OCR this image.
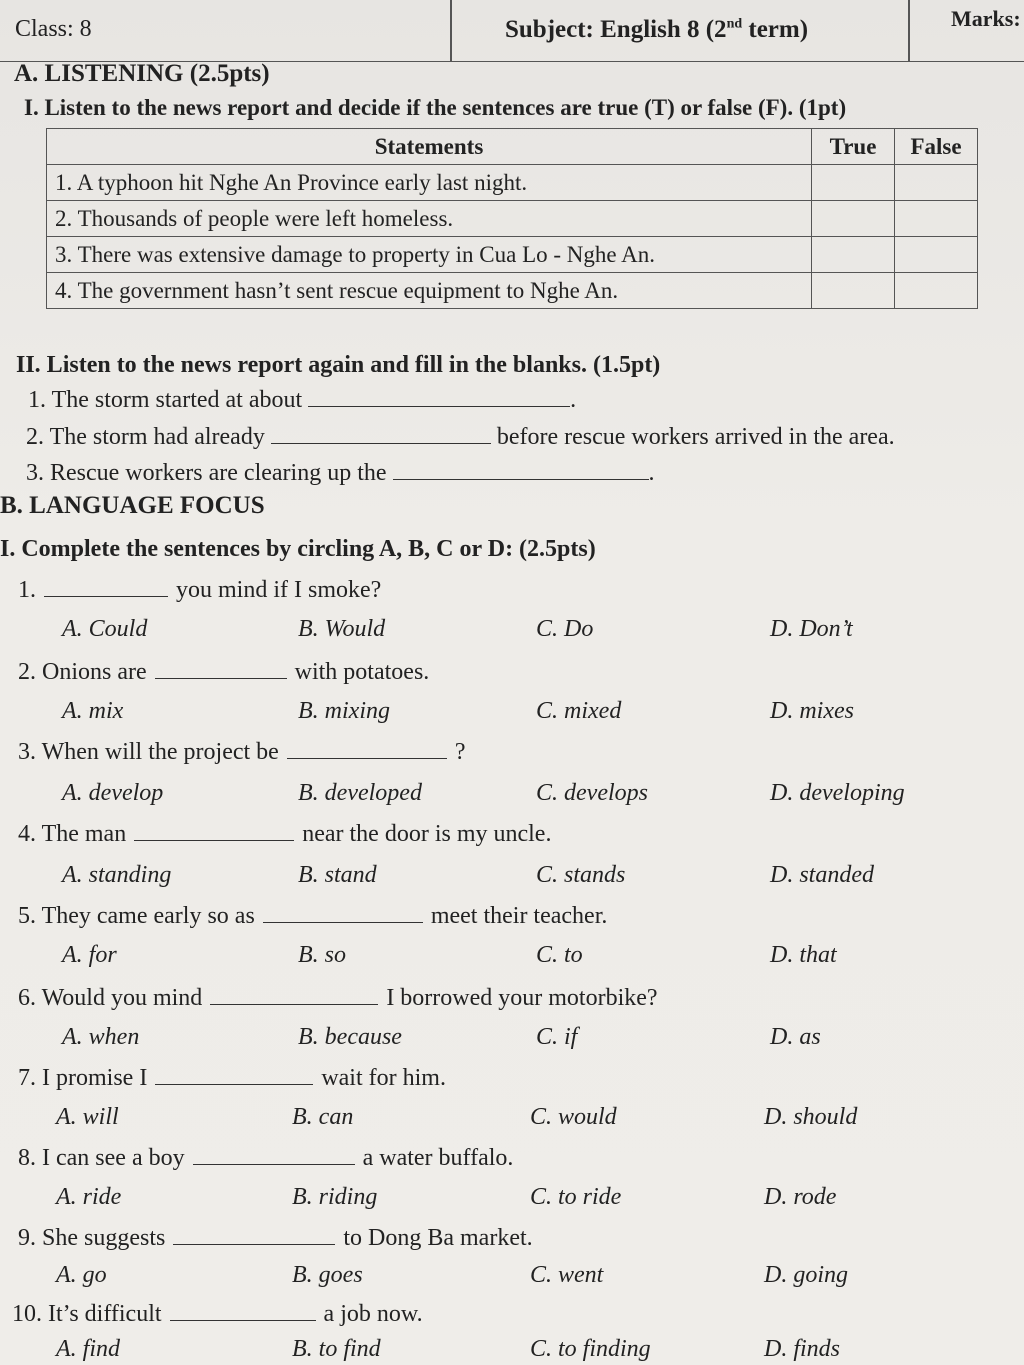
Class: 8	Subject: English 8 (2nd term)	Marks:
A. LISTENING (2.5pts)
I. Listen to the news report and decide if the sentences are true (T) or false (F). (1pt)
Statements	True	False
1. A typhoon hit Nghe An Province early last night.		
2. Thousands of people were left homeless.		
3. There was extensive damage to property in Cua Lo - Nghe An.		
4. The government hasn’t sent rescue equipment to Nghe An.		
II. Listen to the news report again and fill in the blanks. (1.5pt)
1. The storm started at about	.
2. The storm had already	before rescue workers arrived in the area.
3. Rescue workers are clearing up the	.
B. LANGUAGE FOCUS
I. Complete the sentences by circling A, B, C or D: (2.5pts)
1.	you mind if I smoke?
A. Could	B. Would	C. Do	D. Don’t
2. Onions are	with potatoes.
A. mix	B. mixing	C. mixed	D. mixes
3. When will the project be	?
A. develop	B. developed	C. develops	D. developing
4. The man	near the door is my uncle.
A. standing	B. stand	C. stands	D. standed
5. They came early so as	meet their teacher.
A. for	B. so	C. to	D. that
6. Would you mind	I borrowed your motorbike?
A. when	B. because	C. if	D. as
7. I promise I	wait for him.
A. will	B. can	C. would	D. should
8. I can see a boy	a water buffalo.
A. ride	B. riding	C. to ride	D. rode
9. She suggests	to Dong Ba market.
A. go	B. goes	C. went	D. going
10. It’s difficult	a job now.
A. find	B. to find	C. to finding	D. finds
